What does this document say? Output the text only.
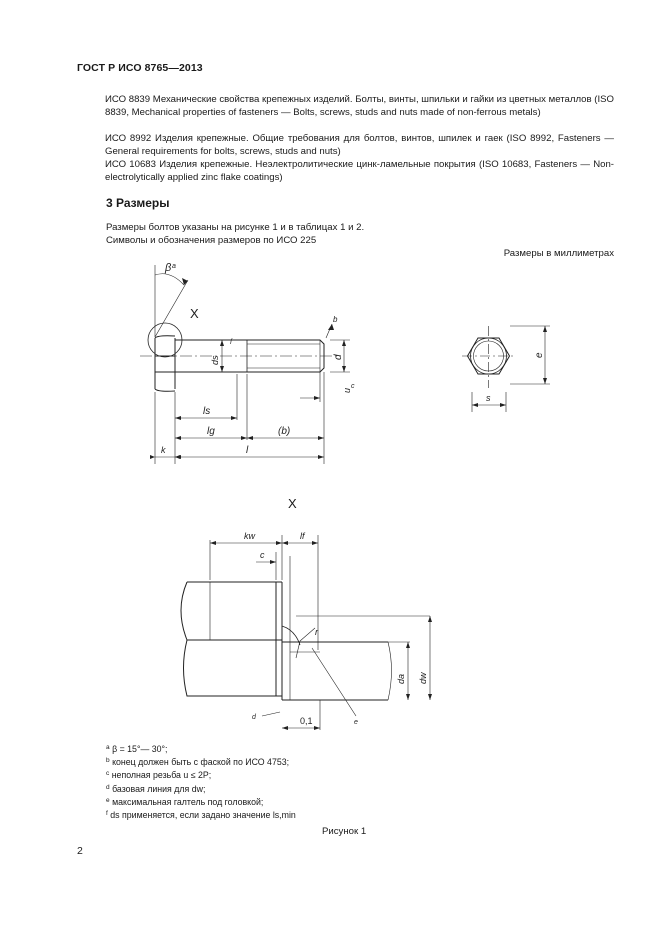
ГОСТ Р ИСО 8765—2013
ИСО 8839 Механические свойства крепежных изделий. Болты, винты, шпильки и гайки из цветных металлов (ISO 8839, Mechanical properties of fasteners — Bolts, screws, studs and nuts made of non-ferrous metals)
ИСО 8992 Изделия крепежные. Общие требования для болтов, винтов, шпилек и гаек (ISO 8992, Fasteners — General requirements for bolts, screws, studs and nuts)
ИСО 10683 Изделия крепежные. Неэлектролитические цинк-ламельные покрытия (ISO 10683, Fasteners — Non-electrolytically applied zinc flake coatings)
3 Размеры
Размеры болтов указаны на рисунке 1 и в таблицах 1 и 2.
Символы и обозначения размеров по ИСО 225
Размеры в миллиметрах
β a
X	b
ds
f
d
u
c
ls
lg	(b)
k	l
e
s
kw
c
lf
r
da dw
d
e
0,1
X
$^a$ β = 15°— 30°;
$^b$ конец должен быть с фаской по ИСО 4753;
$^c$ неполная резьба u ≤ 2P;
$^d$ базовая линия для dw;
$^e$ максимальная галтель под головкой;
$^f$ ds применяется, если задано значение ls,min
Рисунок 1
2
